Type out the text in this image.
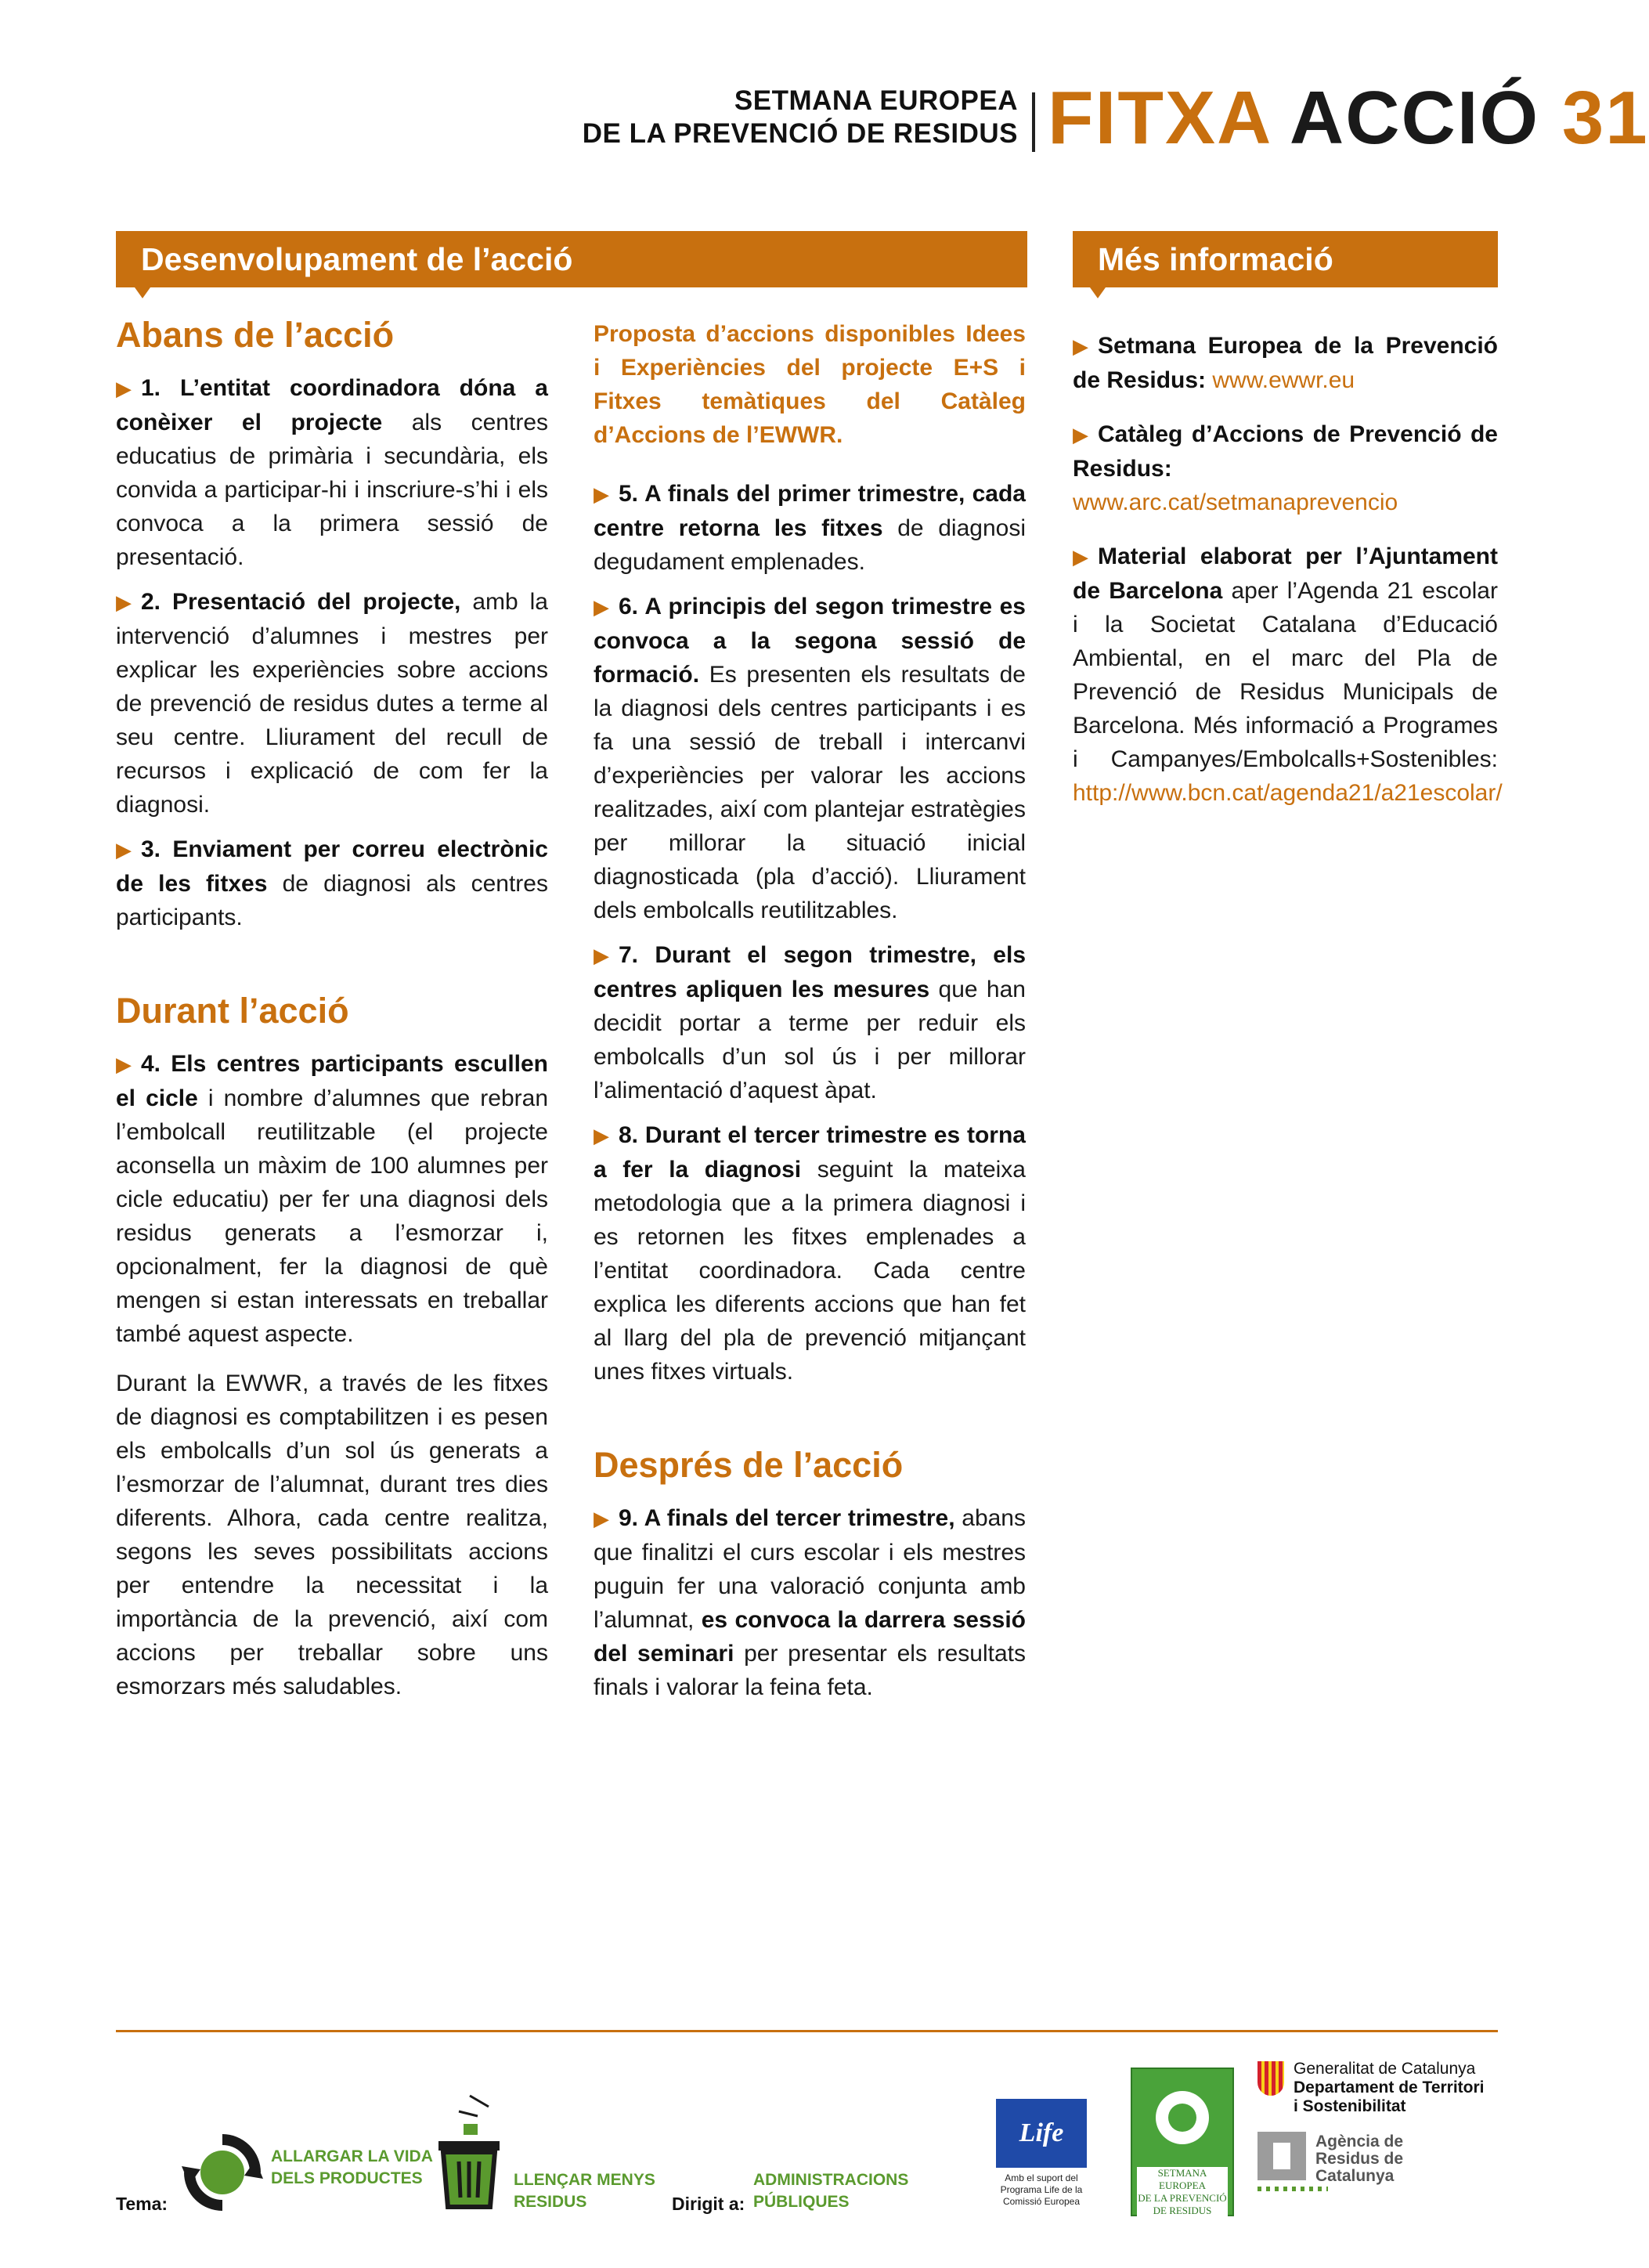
SETMANA EUROPEA
DE LA PREVENCIÓ DE RESIDUS FITXA ACCIÓ 31
Desenvolupament de l’acció	Més informació
Abans de l’acció

▶ 1. L’entitat coordinadora dóna a conèixer el projecte als centres educatius de primària i secundària, els convida a participar-hi i inscriure-s’hi i els convoca a la primera sessió de presentació.

▶ 2. Presentació del projecte, amb la intervenció d’alumnes i mestres per explicar les experiències sobre accions de prevenció de residus dutes a terme al seu centre. Lliurament del recull de recursos i explicació de com fer la diagnosi.

▶ 3. Enviament per correu electrònic de les fitxes de diagnosi als centres participants.

Durant l’acció

▶ 4. Els centres participants escullen el cicle i nombre d’alumnes que rebran l’embolcall reutilitzable (el projecte aconsella un màxim de 100 alumnes per cicle educatiu) per fer una diagnosi dels residus generats a l’esmorzar i, opcionalment, fer la diagnosi de què mengen si estan interessats en treballar també aquest aspecte.

Durant la EWWR, a través de les fitxes de diagnosi es comptabilitzen i es pesen els embolcalls d’un sol ús generats a l’esmorzar de l’alumnat, durant tres dies diferents. Alhora, cada centre realitza, segons les seves possibilitats accions per entendre la necessitat i la importància de la prevenció, així com accions per treballar sobre uns esmorzars més saludables.

Proposta d’accions disponibles Idees i Experiències del projecte E+S i Fitxes temàtiques del Catàleg d’Accions de l’EWWR.

▶ 5. A finals del primer trimestre, cada centre retorna les fitxes de diagnosi degudament emplenades.

▶ 6. A principis del segon trimestre es convoca a la segona sessió de formació. Es presenten els resultats de la diagnosi dels centres participants i es fa una sessió de treball i intercanvi d’experiències per valorar les accions realitzades, així com plantejar estratègies per millorar la situació inicial diagnosticada (pla d’acció). Lliurament dels embolcalls reutilitzables.

▶ 7. Durant el segon trimestre, els centres apliquen les mesures que han decidit portar a terme per reduir els embolcalls d’un sol ús i per millorar l’alimentació d’aquest àpat.

▶ 8. Durant el tercer trimestre es torna a fer la diagnosi seguint la mateixa metodologia que a la primera diagnosi i es retornen les fitxes emplenades a l’entitat coordinadora. Cada centre explica les diferents accions que han fet al llarg del pla de prevenció mitjançant unes fitxes virtuals.

Després de l’acció

▶ 9. A finals del tercer trimestre, abans que finalitzi el curs escolar i els mestres puguin fer una valoració conjunta amb l’alumnat, es convoca la darrera sessió del seminari per presentar els resultats finals i valorar la feina feta.

▶ Setmana Europea de la Prevenció de Residus: www.ewwr.eu

▶ Catàleg d’Accions de Prevenció de Residus: www.arc.cat/setmanaprevencio

▶ Material elaborat per l’Ajuntament de Barcelona aper l’Agenda 21 escolar i la Societat Catalana d’Educació Ambiental, en el marc del Pla de Prevenció de Residus Municipals de Barcelona. Més informació a Programes i Campanyes/Embolcalls+Sostenibles: http://www.bcn.cat/agenda21/a21escolar/

Tema:
ALLARGAR LA VIDA
DELS PRODUCTES	LLENÇAR MENYS
RESIDUS	Dirigit a:
ADMINISTRACIONS
PÚBLIQUES
Life
Amb el suport del
Programa Life de la
Comissió Europea
SETMANA EUROPEA
DE LA PREVENCIÓ
DE RESIDUS
Generalitat de Catalunya
Departament de Territori
i Sostenibilitat
Agència de
Residus de
Catalunya
